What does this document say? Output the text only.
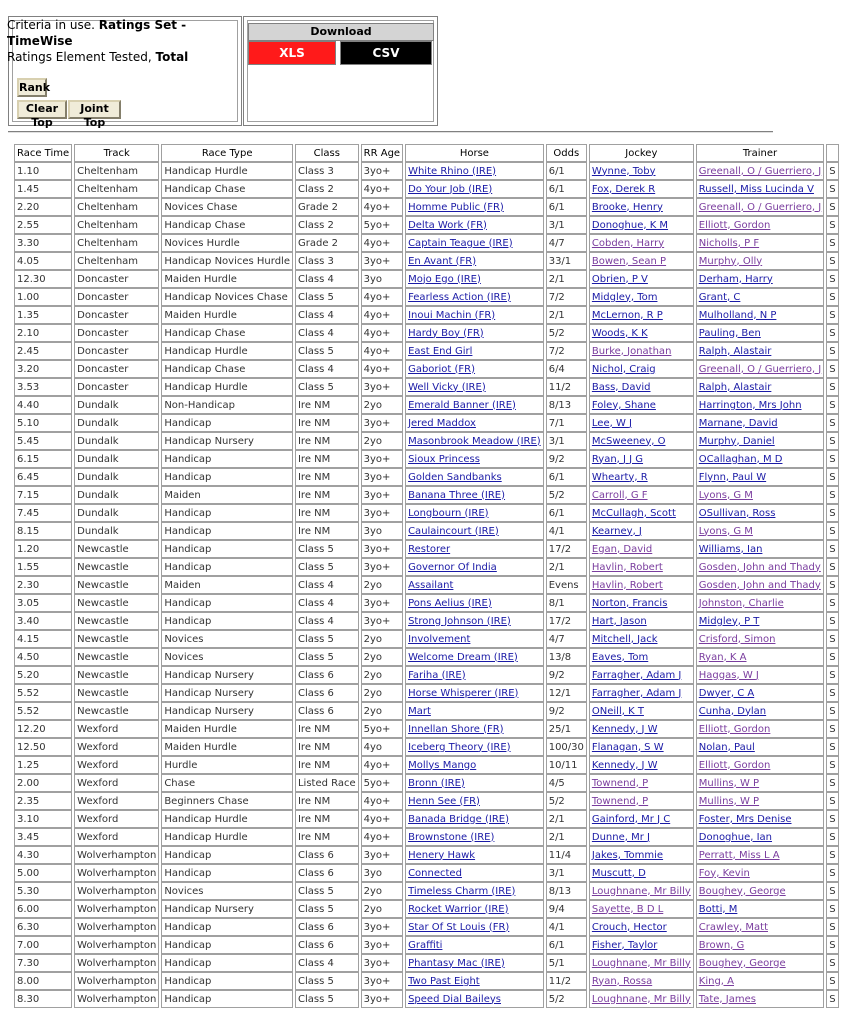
Criteria in use. Ratings Set - TimeWise
Ratings Element Tested, Total
Rank
Clear Top
Joint Top
Download
XLS	CSV
Race Time	Track	Race Type	Class	RR Age	Horse	Odds	Jockey	Trainer	
1.10	Cheltenham	Handicap Hurdle	Class 3	3yo+	White Rhino (IRE)	6/1	Wynne, Toby	Greenall, O / Guerriero, J	S
1.45	Cheltenham	Handicap Chase	Class 2	4yo+	Do Your Job (IRE)	6/1	Fox, Derek R	Russell, Miss Lucinda V	S
2.20	Cheltenham	Novices Chase	Grade 2	4yo+	Homme Public (FR)	6/1	Brooke, Henry	Greenall, O / Guerriero, J	S
2.55	Cheltenham	Handicap Chase	Class 2	5yo+	Delta Work (FR)	3/1	Donoghue, K M	Elliott, Gordon	S
3.30	Cheltenham	Novices Hurdle	Grade 2	4yo+	Captain Teague (IRE)	4/7	Cobden, Harry	Nicholls, P F	S
4.05	Cheltenham	Handicap Novices Hurdle	Class 3	3yo+	En Avant (FR)	33/1	Bowen, Sean P	Murphy, Olly	S
12.30	Doncaster	Maiden Hurdle	Class 4	3yo	Mojo Ego (IRE)	2/1	Obrien, P V	Derham, Harry	S
1.00	Doncaster	Handicap Novices Chase	Class 5	4yo+	Fearless Action (IRE)	7/2	Midgley, Tom	Grant, C	S
1.35	Doncaster	Maiden Hurdle	Class 4	4yo+	Inoui Machin (FR)	2/1	McLernon, R P	Mulholland, N P	S
2.10	Doncaster	Handicap Chase	Class 4	4yo+	Hardy Boy (FR)	5/2	Woods, K K	Pauling, Ben	S
2.45	Doncaster	Handicap Hurdle	Class 5	4yo+	East End Girl	7/2	Burke, Jonathan	Ralph, Alastair	S
3.20	Doncaster	Handicap Chase	Class 4	4yo+	Gaboriot (FR)	6/4	Nichol, Craig	Greenall, O / Guerriero, J	S
3.53	Doncaster	Handicap Hurdle	Class 5	3yo+	Well Vicky (IRE)	11/2	Bass, David	Ralph, Alastair	S
4.40	Dundalk	Non-Handicap	Ire NM	2yo	Emerald Banner (IRE)	8/13	Foley, Shane	Harrington, Mrs John	S
5.10	Dundalk	Handicap	Ire NM	3yo+	Jered Maddox	7/1	Lee, W J	Marnane, David	S
5.45	Dundalk	Handicap Nursery	Ire NM	2yo	Masonbrook Meadow (IRE)	3/1	McSweeney, O	Murphy, Daniel	S
6.15	Dundalk	Handicap	Ire NM	3yo+	Sioux Princess	9/2	Ryan, J J G	OCallaghan, M D	S
6.45	Dundalk	Handicap	Ire NM	3yo+	Golden Sandbanks	6/1	Whearty, R	Flynn, Paul W	S
7.15	Dundalk	Maiden	Ire NM	3yo+	Banana Three (IRE)	5/2	Carroll, G F	Lyons, G M	S
7.45	Dundalk	Handicap	Ire NM	3yo+	Longbourn (IRE)	6/1	McCullagh, Scott	OSullivan, Ross	S
8.15	Dundalk	Handicap	Ire NM	3yo	Caulaincourt (IRE)	4/1	Kearney, J	Lyons, G M	S
1.20	Newcastle	Handicap	Class 5	3yo+	Restorer	17/2	Egan, David	Williams, Ian	S
1.55	Newcastle	Handicap	Class 5	3yo+	Governor Of India	2/1	Havlin, Robert	Gosden, John and Thady	S
2.30	Newcastle	Maiden	Class 4	2yo	Assailant	Evens	Havlin, Robert	Gosden, John and Thady	S
3.05	Newcastle	Handicap	Class 4	3yo+	Pons Aelius (IRE)	8/1	Norton, Francis	Johnston, Charlie	S
3.40	Newcastle	Handicap	Class 4	3yo+	Strong Johnson (IRE)	17/2	Hart, Jason	Midgley, P T	S
4.15	Newcastle	Novices	Class 5	2yo	Involvement	4/7	Mitchell, Jack	Crisford, Simon	S
4.50	Newcastle	Novices	Class 5	2yo	Welcome Dream (IRE)	13/8	Eaves, Tom	Ryan, K A	S
5.20	Newcastle	Handicap Nursery	Class 6	2yo	Fariha (IRE)	9/2	Farragher, Adam J	Haggas, W J	S
5.52	Newcastle	Handicap Nursery	Class 6	2yo	Horse Whisperer (IRE)	12/1	Farragher, Adam J	Dwyer, C A	S
5.52	Newcastle	Handicap Nursery	Class 6	2yo	Mart	9/2	ONeill, K T	Cunha, Dylan	S
12.20	Wexford	Maiden Hurdle	Ire NM	5yo+	Innellan Shore (FR)	25/1	Kennedy, J W	Elliott, Gordon	S
12.50	Wexford	Maiden Hurdle	Ire NM	4yo	Iceberg Theory (IRE)	100/30	Flanagan, S W	Nolan, Paul	S
1.25	Wexford	Hurdle	Ire NM	4yo+	Mollys Mango	10/11	Kennedy, J W	Elliott, Gordon	S
2.00	Wexford	Chase	Listed Race	5yo+	Bronn (IRE)	4/5	Townend, P	Mullins, W P	S
2.35	Wexford	Beginners Chase	Ire NM	4yo+	Henn See (FR)	5/2	Townend, P	Mullins, W P	S
3.10	Wexford	Handicap Hurdle	Ire NM	4yo+	Banada Bridge (IRE)	2/1	Gainford, Mr J C	Foster, Mrs Denise	S
3.45	Wexford	Handicap Hurdle	Ire NM	4yo+	Brownstone (IRE)	2/1	Dunne, Mr J	Donoghue, Ian	S
4.30	Wolverhampton	Handicap	Class 6	3yo+	Henery Hawk	11/4	Jakes, Tommie	Perratt, Miss L A	S
5.00	Wolverhampton	Handicap	Class 6	3yo	Connected	3/1	Muscutt, D	Foy, Kevin	S
5.30	Wolverhampton	Novices	Class 5	2yo	Timeless Charm (IRE)	8/13	Loughnane, Mr Billy	Boughey, George	S
6.00	Wolverhampton	Handicap Nursery	Class 5	2yo	Rocket Warrior (IRE)	9/4	Sayette, B D L	Botti, M	S
6.30	Wolverhampton	Handicap	Class 6	3yo+	Star Of St Louis (FR)	4/1	Crouch, Hector	Crawley, Matt	S
7.00	Wolverhampton	Handicap	Class 6	3yo+	Graffiti	6/1	Fisher, Taylor	Brown, G	S
7.30	Wolverhampton	Handicap	Class 4	3yo+	Phantasy Mac (IRE)	5/1	Loughnane, Mr Billy	Boughey, George	S
8.00	Wolverhampton	Handicap	Class 5	3yo+	Two Past Eight	11/2	Ryan, Rossa	King, A	S
8.30	Wolverhampton	Handicap	Class 5	3yo+	Speed Dial Baileys	5/2	Loughnane, Mr Billy	Tate, James	S
